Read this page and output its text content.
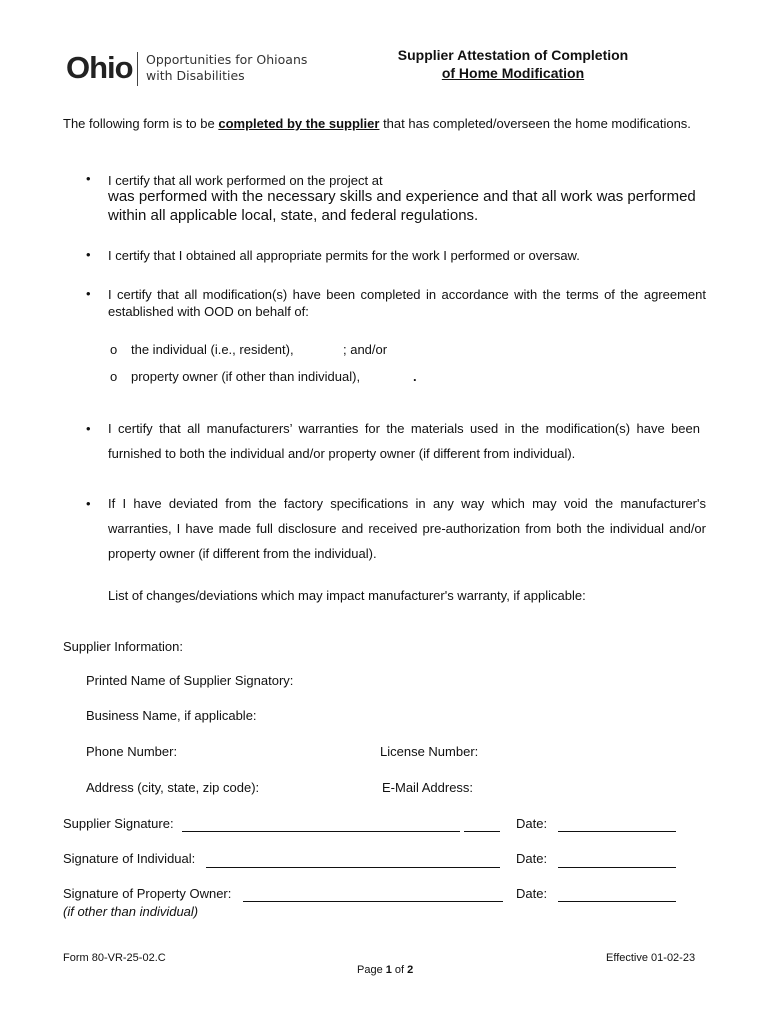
Ohio Opportunities for Ohioans
with Disabilities
Supplier Attestation of Completion
of Home Modification
The following form is to be completed by the supplier that has completed/overseen the home modifications.
• I certify that all work performed on the project at
was performed with the necessary skills and experience and that all work was performed within all applicable local, state, and federal regulations.
• I certify that I obtained all appropriate permits for the work I performed or oversaw.
• I certify that all modification(s) have been completed in accordance with the terms of the agreement established with OOD on behalf of:
o the individual (i.e., resident),	; and/or
o property owner (if other than individual),	.
• I certify that all manufacturers’ warranties for the materials used in the modification(s) have been furnished to both the individual and/or property owner (if different from individual).
• If I have deviated from the factory specifications in any way which may void the manufacturer's warranties, I have made full disclosure and received pre-authorization from both the individual and/or property owner (if different from the individual).
List of changes/deviations which may impact manufacturer's warranty, if applicable:
Supplier Information:
Printed Name of Supplier Signatory:
Business Name, if applicable:
Phone Number:	License Number:
Address (city, state, zip code):	E-Mail Address:
Supplier Signature:	Date:
Signature of Individual:	Date:
Signature of Property Owner:	Date:
(if other than individual)
Form 80-VR-25-02.C	Effective 01-02-23
Page 1 of 2
